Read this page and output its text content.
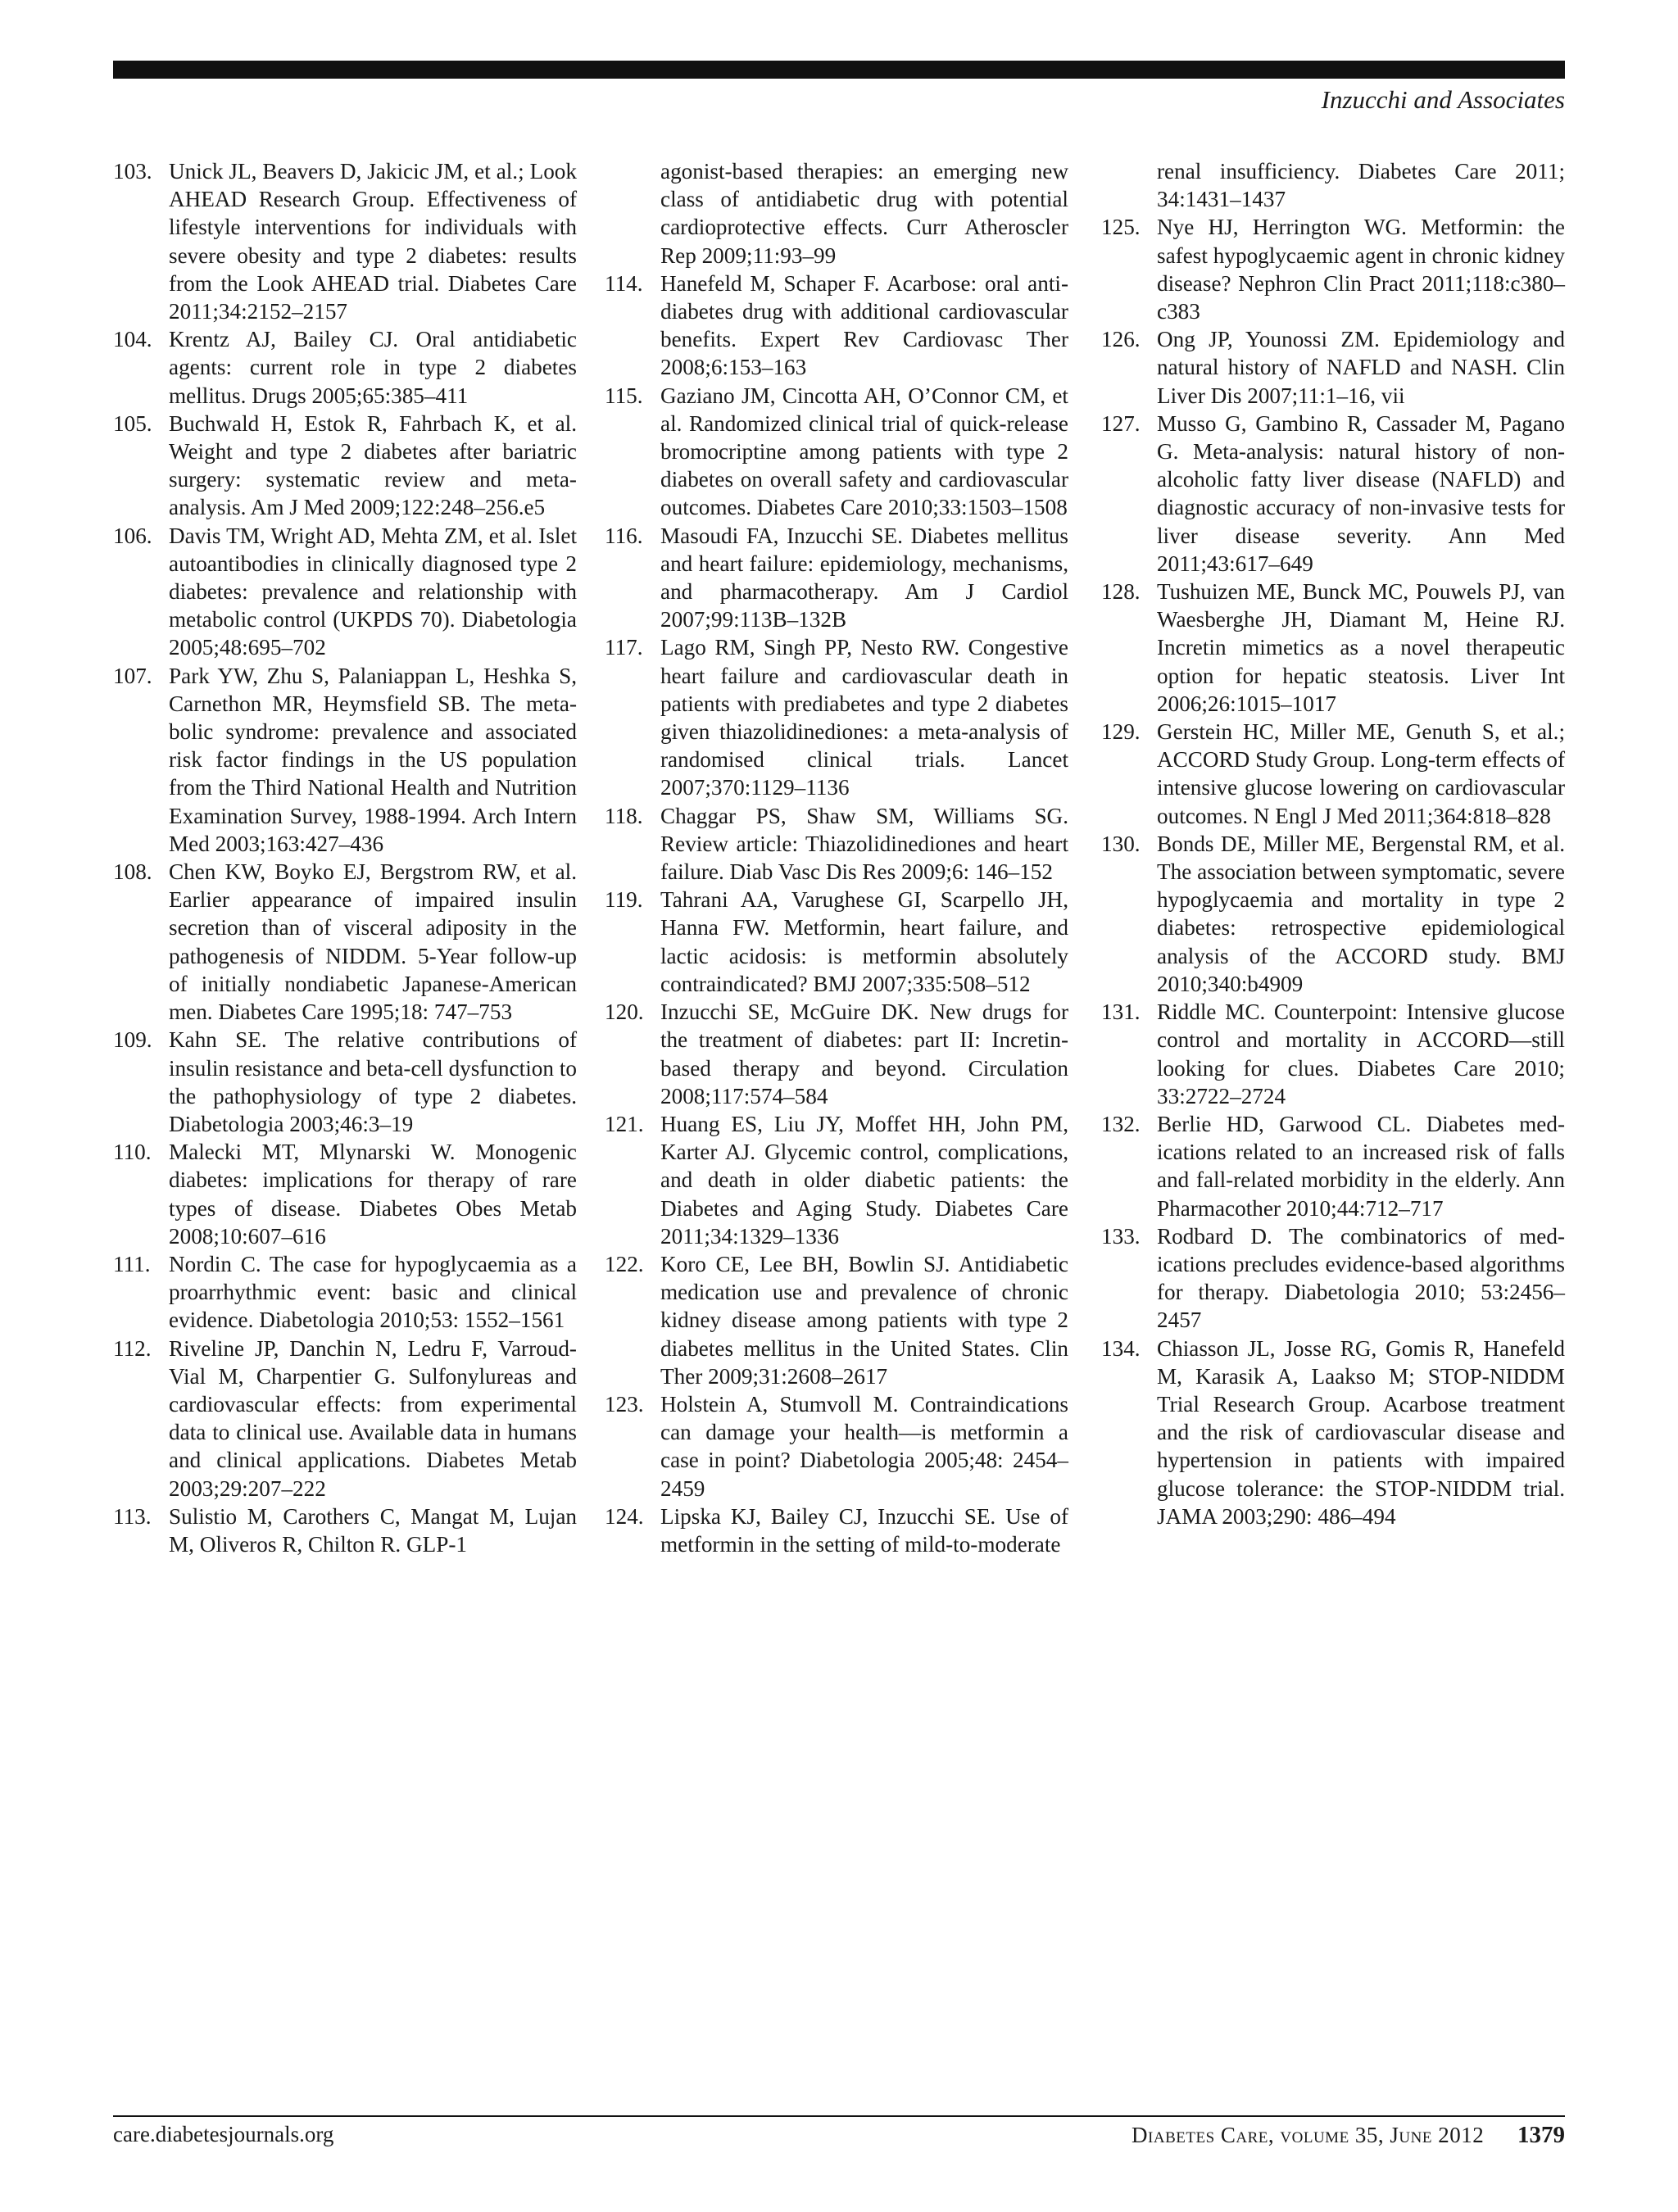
Inzucchi and Associates
103. Unick JL, Beavers D, Jakicic JM, et al.; Look AHEAD Research Group. Effectiveness of lifestyle interventions for individuals with severe obesity and type 2 diabetes: results from the Look AHEAD trial. Diabetes Care 2011;34:2152–2157
104. Krentz AJ, Bailey CJ. Oral antidiabetic agents: current role in type 2 diabetes mellitus. Drugs 2005;65:385–411
105. Buchwald H, Estok R, Fahrbach K, et al. Weight and type 2 diabetes after bariatric surgery: systematic review and meta-analysis. Am J Med 2009;122:248–256.e5
106. Davis TM, Wright AD, Mehta ZM, et al. Islet autoantibodies in clinically diagnosed type 2 diabetes: prevalence and relationship with metabolic control (UKPDS 70). Diabetologia 2005;48:695–702
107. Park YW, Zhu S, Palaniappan L, Heshka S, Carnethon MR, Heymsfield SB. The metabolic syndrome: prevalence and associated risk factor findings in the US population from the Third National Health and Nutrition Examination Survey, 1988-1994. Arch Intern Med 2003;163:427–436
108. Chen KW, Boyko EJ, Bergstrom RW, et al. Earlier appearance of impaired insulin secretion than of visceral adiposity in the pathogenesis of NIDDM. 5-Year follow-up of initially nondiabetic Japanese-American men. Diabetes Care 1995;18: 747–753
109. Kahn SE. The relative contributions of insulin resistance and beta-cell dysfunction to the pathophysiology of type 2 diabetes. Diabetologia 2003;46:3–19
110. Malecki MT, Mlynarski W. Monogenic diabetes: implications for therapy of rare types of disease. Diabetes Obes Metab 2008;10:607–616
111. Nordin C. The case for hypoglycaemia as a proarrhythmic event: basic and clinical evidence. Diabetologia 2010;53: 1552–1561
112. Riveline JP, Danchin N, Ledru F, Varroud-Vial M, Charpentier G. Sulfonylureas and cardiovascular effects: from experimental data to clinical use. Available data in humans and clinical applications. Diabetes Metab 2003;29:207–222
113. Sulistio M, Carothers C, Mangat M, Lujan M, Oliveros R, Chilton R. GLP-1
agonist-based therapies: an emerging new class of antidiabetic drug with potential cardioprotective effects. Curr Atheroscler Rep 2009;11:93–99
114. Hanefeld M, Schaper F. Acarbose: oral anti-diabetes drug with additional cardiovascular benefits. Expert Rev Cardiovasc Ther 2008;6:153–163
115. Gaziano JM, Cincotta AH, O’Connor CM, et al. Randomized clinical trial of quick-release bromocriptine among patients with type 2 diabetes on overall safety and cardiovascular outcomes. Diabetes Care 2010;33:1503–1508
116. Masoudi FA, Inzucchi SE. Diabetes mellitus and heart failure: epidemiology, mechanisms, and pharmacotherapy. Am J Cardiol 2007;99:113B–132B
117. Lago RM, Singh PP, Nesto RW. Congestive heart failure and cardiovascular death in patients with prediabetes and type 2 diabetes given thiazolidinediones: a meta-analysis of randomised clinical trials. Lancet 2007;370:1129–1136
118. Chaggar PS, Shaw SM, Williams SG. Review article: Thiazolidinediones and heart failure. Diab Vasc Dis Res 2009;6: 146–152
119. Tahrani AA, Varughese GI, Scarpello JH, Hanna FW. Metformin, heart failure, and lactic acidosis: is metformin absolutely contraindicated? BMJ 2007;335:508–512
120. Inzucchi SE, McGuire DK. New drugs for the treatment of diabetes: part II: Incretin-based therapy and beyond. Circulation 2008;117:574–584
121. Huang ES, Liu JY, Moffet HH, John PM, Karter AJ. Glycemic control, complications, and death in older diabetic patients: the Diabetes and Aging Study. Diabetes Care 2011;34:1329–1336
122. Koro CE, Lee BH, Bowlin SJ. Antidiabetic medication use and prevalence of chronic kidney disease among patients with type 2 diabetes mellitus in the United States. Clin Ther 2009;31:2608–2617
123. Holstein A, Stumvoll M. Contraindications can damage your health—is metformin a case in point? Diabetologia 2005;48: 2454–2459
124. Lipska KJ, Bailey CJ, Inzucchi SE. Use of metformin in the setting of mild-to-moderate
renal insufficiency. Diabetes Care 2011; 34:1431–1437
125. Nye HJ, Herrington WG. Metformin: the safest hypoglycaemic agent in chronic kidney disease? Nephron Clin Pract 2011;118:c380–c383
126. Ong JP, Younossi ZM. Epidemiology and natural history of NAFLD and NASH. Clin Liver Dis 2007;11:1–16, vii
127. Musso G, Gambino R, Cassader M, Pagano G. Meta-analysis: natural history of non-alcoholic fatty liver disease (NAFLD) and diagnostic accuracy of non-invasive tests for liver disease severity. Ann Med 2011;43:617–649
128. Tushuizen ME, Bunck MC, Pouwels PJ, van Waesberghe JH, Diamant M, Heine RJ. Incretin mimetics as a novel therapeutic option for hepatic steatosis. Liver Int 2006;26:1015–1017
129. Gerstein HC, Miller ME, Genuth S, et al.; ACCORD Study Group. Long-term effects of intensive glucose lowering on cardiovascular outcomes. N Engl J Med 2011;364:818–828
130. Bonds DE, Miller ME, Bergenstal RM, et al. The association between symptomatic, severe hypoglycaemia and mortality in type 2 diabetes: retrospective epidemiological analysis of the ACCORD study. BMJ 2010;340:b4909
131. Riddle MC. Counterpoint: Intensive glucose control and mortality in ACCORD—still looking for clues. Diabetes Care 2010; 33:2722–2724
132. Berlie HD, Garwood CL. Diabetes medications related to an increased risk of falls and fall-related morbidity in the elderly. Ann Pharmacother 2010;44:712–717
133. Rodbard D. The combinatorics of medications precludes evidence-based algorithms for therapy. Diabetologia 2010; 53:2456–2457
134. Chiasson JL, Josse RG, Gomis R, Hanefeld M, Karasik A, Laakso M; STOP-NIDDM Trial Research Group. Acarbose treatment and the risk of cardiovascular disease and hypertension in patients with impaired glucose tolerance: the STOP-NIDDM trial. JAMA 2003;290: 486–494
care.diabetesjournals.org	Diabetes Care, volume 35, June 2012 1379
